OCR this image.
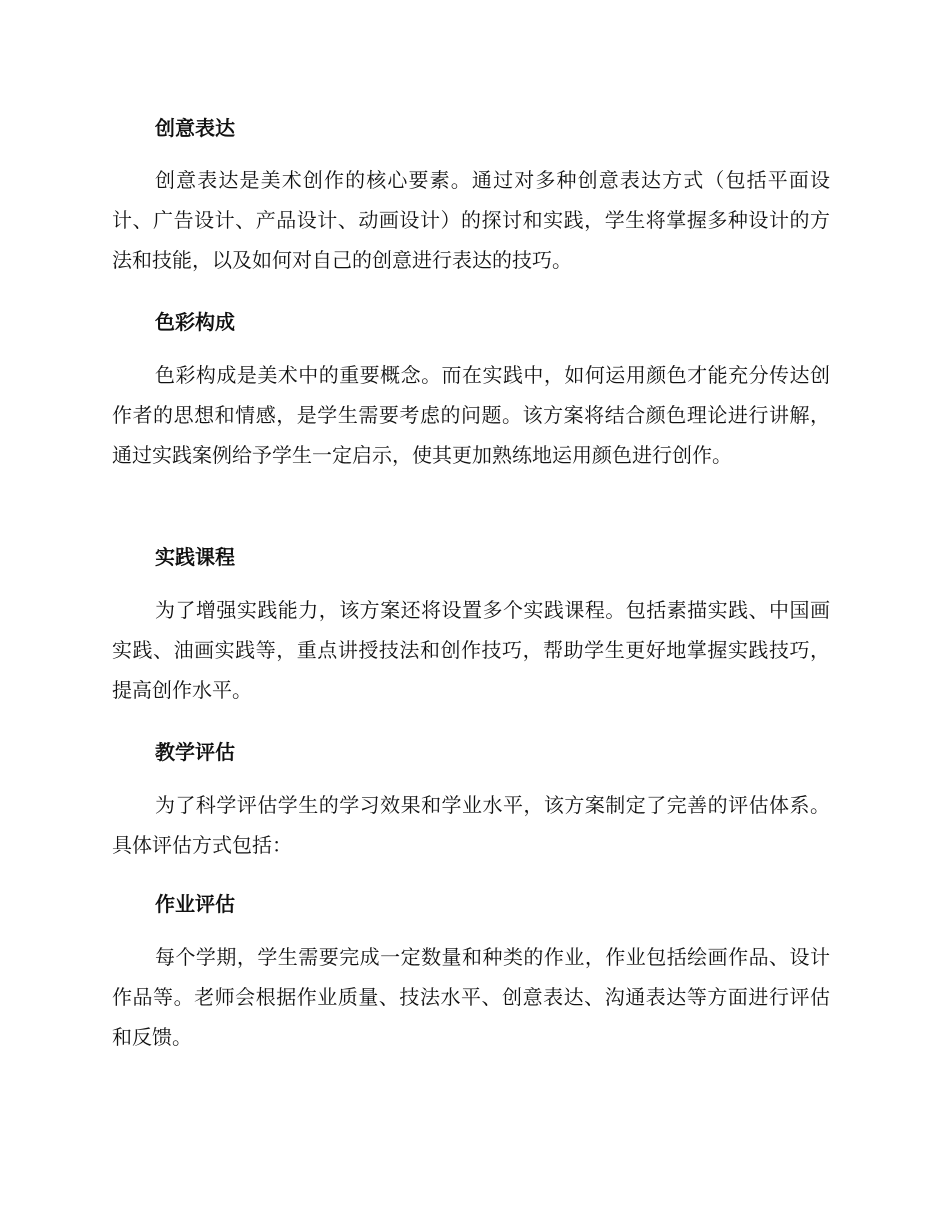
创意表达

创意表达是美术创作的核心要素。通过对多种创意表达方式（包括平面设计、广告设计、产品设计、动画设计）的探讨和实践，学生将掌握多种设计的方法和技能，以及如何对自己的创意进行表达的技巧。

色彩构成

色彩构成是美术中的重要概念。而在实践中，如何运用颜色才能充分传达创作者的思想和情感，是学生需要考虑的问题。该方案将结合颜色理论进行讲解，通过实践案例给予学生一定启示，使其更加熟练地运用颜色进行创作。

实践课程

为了增强实践能力，该方案还将设置多个实践课程。包括素描实践、中国画实践、油画实践等，重点讲授技法和创作技巧，帮助学生更好地掌握实践技巧，提高创作水平。

教学评估

为了科学评估学生的学习效果和学业水平，该方案制定了完善的评估体系。具体评估方式包括：

作业评估

每个学期，学生需要完成一定数量和种类的作业，作业包括绘画作品、设计作品等。老师会根据作业质量、技法水平、创意表达、沟通表达等方面进行评估和反馈。
